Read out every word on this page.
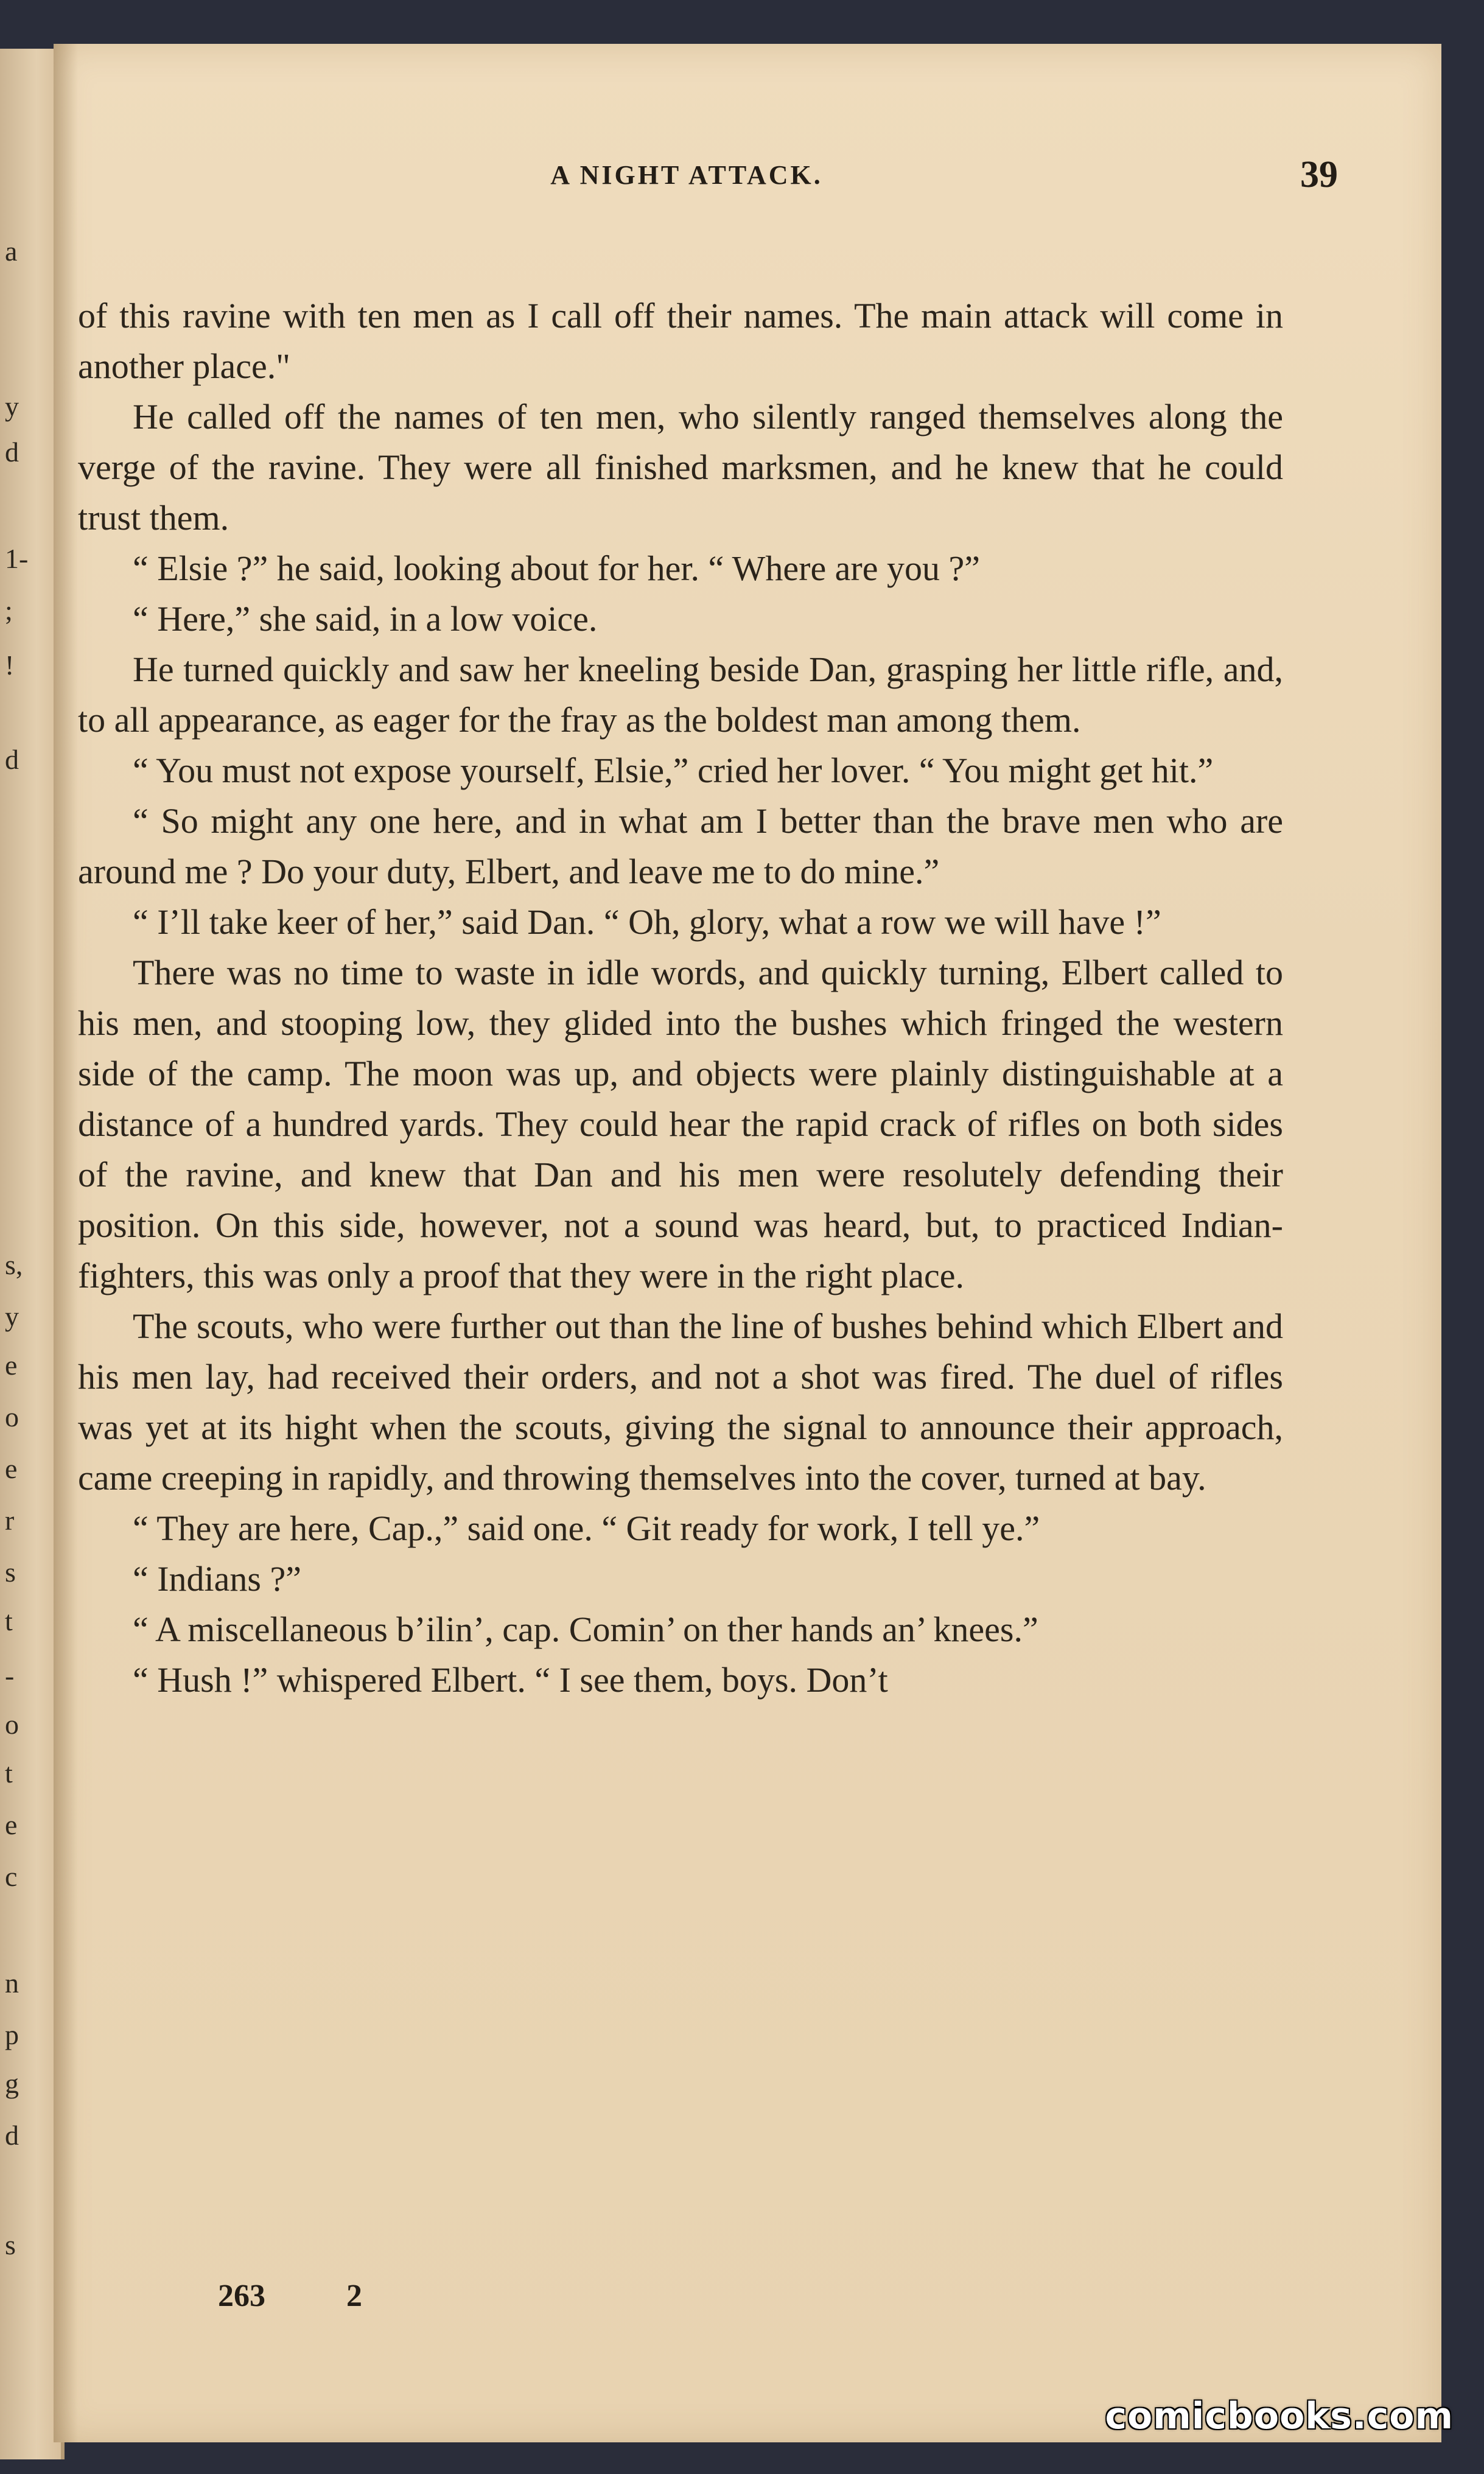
a
y
d
1-
;
!
d
s,
y
e
o
e
r
s
t
-
o
t
e
c
n
p
g
d
s
A NIGHT ATTACK.	39

of this ravine with ten men as I call off their names. The main attack will come in another place."

He called off the names of ten men, who silently ranged themselves along the verge of the ravine. They were all finished marksmen, and he knew that he could trust them.

“ Elsie ?” he said, looking about for her. “ Where are you ?”

“ Here,” she said, in a low voice.

He turned quickly and saw her kneeling beside Dan, grasping her little rifle, and, to all appearance, as eager for the fray as the boldest man among them.

“ You must not expose yourself, Elsie,” cried her lover. “ You might get hit.”

“ So might any one here, and in what am I better than the brave men who are around me ? Do your duty, Elbert, and leave me to do mine.”

“ I’ll take keer of her,” said Dan. “ Oh, glory, what a row we will have !”

There was no time to waste in idle words, and quickly turning, Elbert called to his men, and stooping low, they glided into the bushes which fringed the western side of the camp. The moon was up, and objects were plainly distinguishable at a distance of a hundred yards. They could hear the rapid crack of rifles on both sides of the ravine, and knew that Dan and his men were resolutely defending their position. On this side, however, not a sound was heard, but, to practiced Indian-fighters, this was only a proof that they were in the right place.

The scouts, who were further out than the line of bushes behind which Elbert and his men lay, had received their orders, and not a shot was fired. The duel of rifles was yet at its hight when the scouts, giving the signal to announce their approach, came creeping in rapidly, and throwing themselves into the cover, turned at bay.

“ They are here, Cap.,” said one. “ Git ready for work, I tell ye.”

“ Indians ?”

“ A miscellaneous b’ilin’, cap. Comin’ on ther hands an’ knees.”

“ Hush !” whispered Elbert. “ I see them, boys. Don’t

263 2
comicbooks.com
